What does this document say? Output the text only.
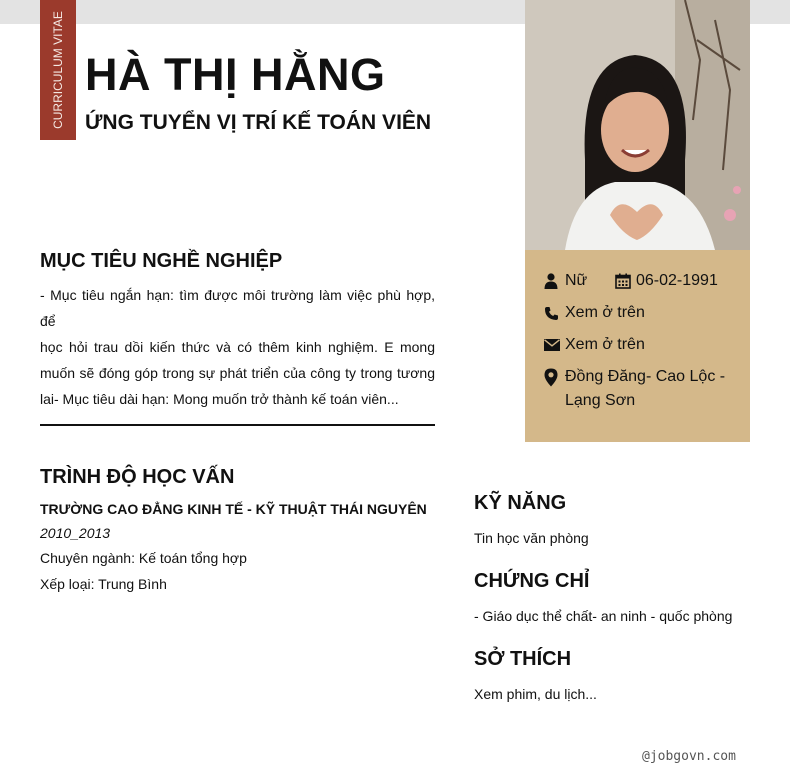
CURRICULUM VITAE HÀ THỊ HẰNG
ỨNG TUYỂN VỊ TRÍ KẾ TOÁN VIÊN
Nữ	06-02-1991
Xem ở trên
Xem ở trên
Đồng Đăng- Cao Lộc -
Lạng Sơn
MỤC TIÊU NGHỀ NGHIỆP
- Mục tiêu ngắn hạn: tìm được môi trường làm việc phù hợp, để
học hỏi trau dồi kiến thức và có thêm kinh nghiệm. E mong
muốn sẽ đóng góp trong sự phát triển của công ty trong tương
lai- Mục tiêu dài hạn: Mong muốn trở thành kế toán viên...
TRÌNH ĐỘ HỌC VẤN
TRƯỜNG CAO ĐẲNG KINH TẾ - KỸ THUẬT THÁI NGUYÊN
2010_2013
Chuyên ngành: Kế toán tổng hợp
Xếp loại: Trung Bình
KỸ NĂNG
Tin học văn phòng
CHỨNG CHỈ
- Giáo dục thể chất- an ninh - quốc phòng
SỞ THÍCH
Xem phim, du lịch...
@jobgovn.com
